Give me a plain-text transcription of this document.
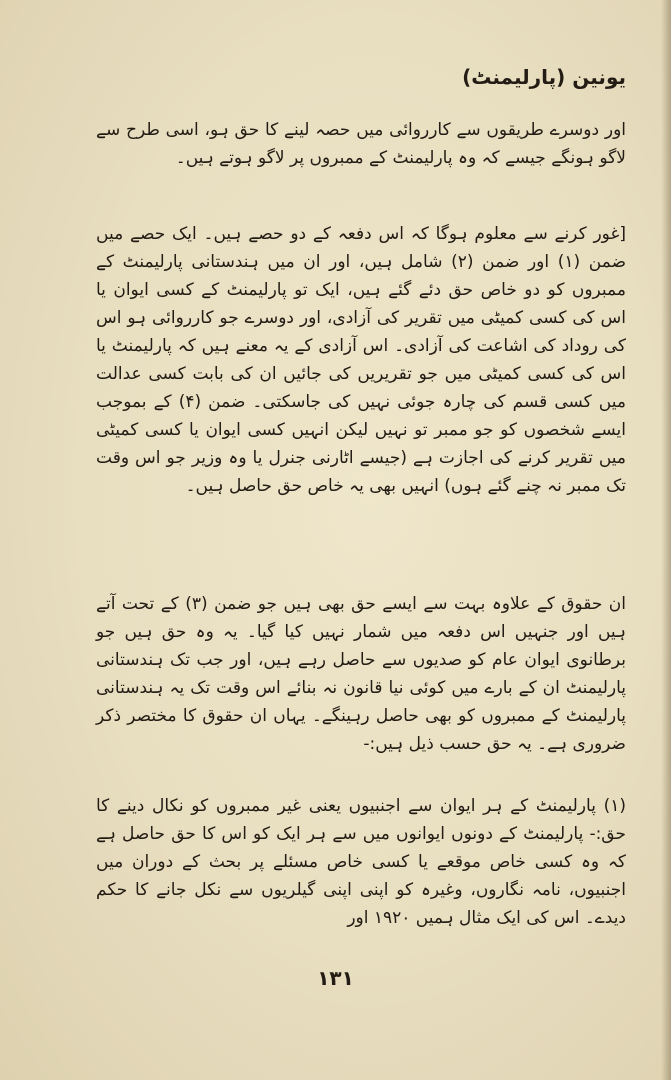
یونین (پارلیمنٹ)

اور دوسرے طریقوں سے کارروائی میں حصہ لینے کا حق ہو، اسی طرح سے لاگو ہونگے جیسے کہ وہ پارلیمنٹ کے ممبروں پر لاگو ہوتے ہیں۔

[غور کرنے سے معلوم ہوگا کہ اس دفعہ کے دو حصے ہیں۔ ایک حصے میں ضمن (۱) اور ضمن (۲) شامل ہیں، اور ان میں ہندستانی پارلیمنٹ کے ممبروں کو دو خاص حق دئے گئے ہیں، ایک تو پارلیمنٹ کے کسی ایوان یا اس کی کسی کمیٹی میں تقریر کی آزادی، اور دوسرے جو کارروائی ہو اس کی روداد کی اشاعت کی آزادی۔ اس آزادی کے یہ معنے ہیں کہ پارلیمنٹ یا اس کی کسی کمیٹی میں جو تقریریں کی جائیں ان کی بابت کسی عدالت میں کسی قسم کی چارہ جوئی نہیں کی جاسکتی۔ ضمن (۴) کے بموجب ایسے شخصوں کو جو ممبر تو نہیں لیکن انہیں کسی ایوان یا کسی کمیٹی میں تقریر کرنے کی اجازت ہے (جیسے اٹارنی جنرل یا وہ وزیر جو اس وقت تک ممبر نہ چنے گئے ہوں) انہیں بھی یہ خاص حق حاصل ہیں۔

ان حقوق کے علاوہ بہت سے ایسے حق بھی ہیں جو ضمن (۳) کے تحت آتے ہیں اور جنہیں اس دفعہ میں شمار نہیں کیا گیا۔ یہ وہ حق ہیں جو برطانوی ایوان عام کو صدیوں سے حاصل رہے ہیں، اور جب تک ہندستانی پارلیمنٹ ان کے بارے میں کوئی نیا قانون نہ بنائے اس وقت تک یہ ہندستانی پارلیمنٹ کے ممبروں کو بھی حاصل رہینگے۔ یہاں ان حقوق کا مختصر ذکر ضروری ہے۔ یہ حق حسب ذیل ہیں:-

(۱) پارلیمنٹ کے ہر ایوان سے اجنبیوں یعنی غیر ممبروں کو نکال دینے کا حق:- پارلیمنٹ کے دونوں ایوانوں میں سے ہر ایک کو اس کا حق حاصل ہے کہ وہ کسی خاص موقعے یا کسی خاص مسئلے پر بحث کے دوران میں اجنبیوں، نامہ نگاروں، وغیرہ کو اپنی اپنی گیلریوں سے نکل جانے کا حکم دیدے۔ اس کی ایک مثال ہمیں ۱۹۲۰ اور

۱۳۱
